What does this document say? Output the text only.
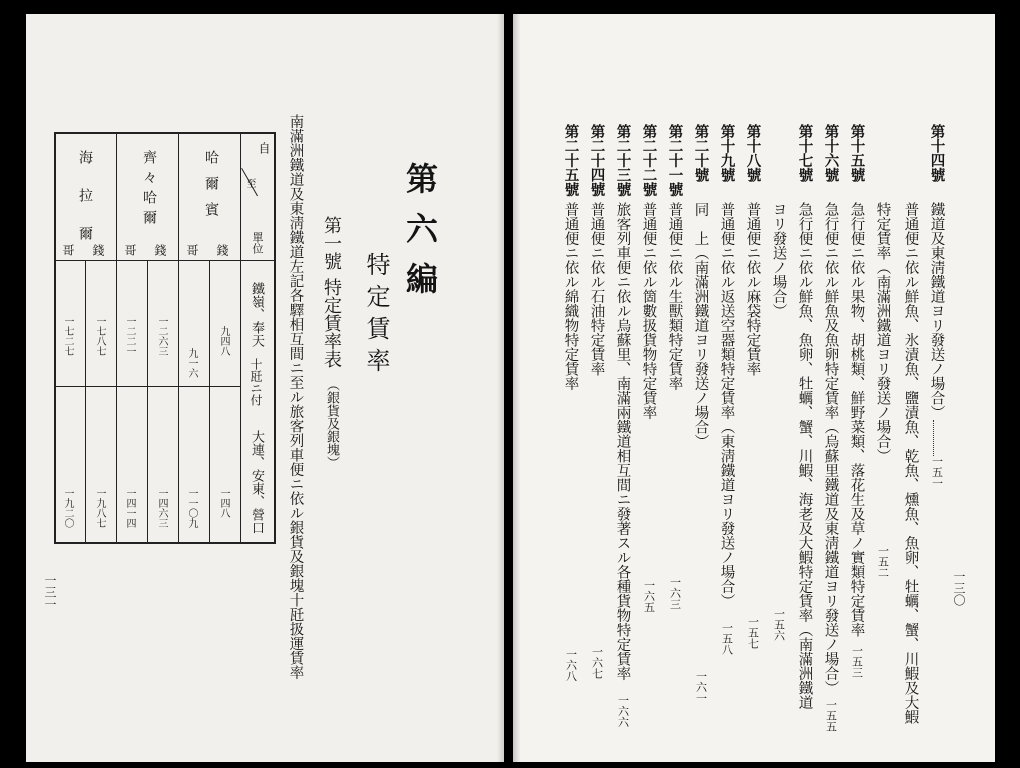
第六編
特定賃率
第一號特定賃率表（銀貨及銀塊）
南滿洲鐵道及東淸鐵道左記各驛相互間ニ至ル旅客列車便ニ依ル銀貨及銀塊十瓩扱運賃率
自
至
單位
鐵嶺、奉天
十瓩ニ付
大連、安東、營口
哈爾賓
齊々哈爾
海拉爾	錢
哥
錢
哥
錢
哥
九四八
九一六
一二六三
一二二一
一七八七
一七二七
一四八
一一〇九
一四六三
一四一四
一九八七
一九二〇
一三一	一三〇
第十四號鐵道及東淸鐵道ヨリ發送ノ場合）一五一
普通便ニ依ル鮮魚、氷漬魚、鹽漬魚、乾魚、燻魚、魚卵、牡蠣、蟹、川鰕及大鰕
特定賃率（南滿洲鐵道ヨリ發送ノ場合）一五二
第十五號急行便ニ依ル果物、胡桃類、鮮野菜類、落花生及草ノ實類特定賃率一五三
第十六號急行便ニ依ル鮮魚及魚卵特定賃率（烏蘇里鐵道及東淸鐵道ヨリ發送ノ場合）一五五
第十七號急行便ニ依ル鮮魚、魚卵、牡蠣、蟹、川鰕、海老及大鰕特定賃率（南滿洲鐵道
ヨリ發送ノ場合）一五六
第十八號普通便ニ依ル麻袋特定賃率一五七
第十九號普通便ニ依ル返送空器類特定賃率（東淸鐵道ヨリ發送ノ場合）一五八
第二十號同　上（南滿洲鐵道ヨリ發送ノ場合）一六一
第二十一號普通便ニ依ル生獸類特定賃率一六三
第二十二號普通便ニ依ル箇數扱貨物特定賃率一六五
第二十三號旅客列車便ニ依ル烏蘇里、南滿兩鐵道相互間ニ發著スル各種貨物特定賃率一六六
第二十四號普通便ニ依ル石油特定賃率一六七
第二十五號普通便ニ依ル綿織物特定賃率一六八
